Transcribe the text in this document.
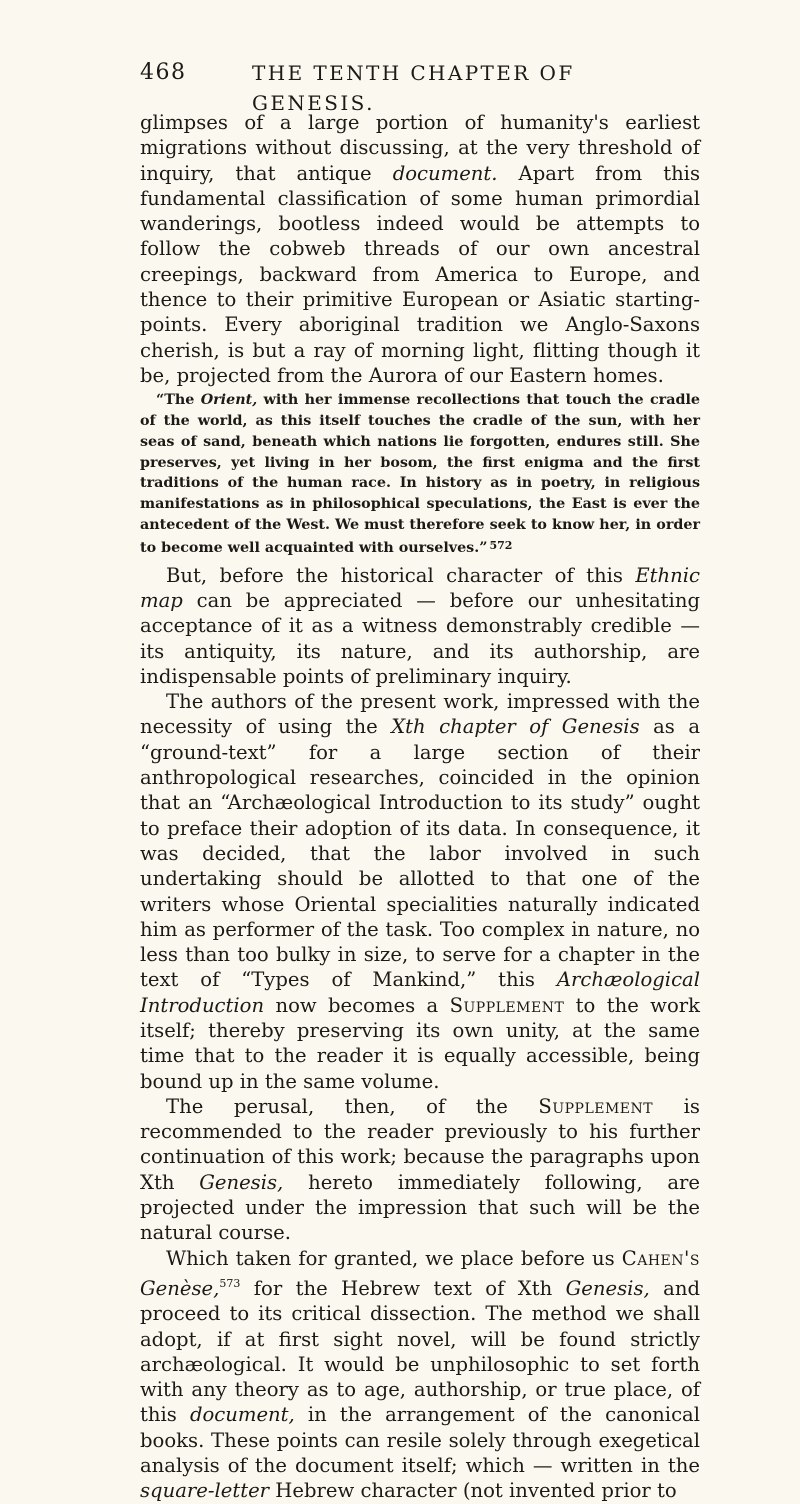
468	THE TENTH CHAPTER OF GENESIS.

glimpses of a large portion of humanity's earliest migrations without discussing, at the very threshold of inquiry, that antique document. Apart from this fundamental classification of some human primordial wanderings, bootless indeed would be attempts to follow the cobweb threads of our own ancestral creepings, backward from America to Europe, and thence to their primitive European or Asiatic starting-points. Every aboriginal tradition we Anglo-Saxons cherish, is but a ray of morning light, flitting though it be, projected from the Aurora of our Eastern homes.

“The Orient, with her immense recollections that touch the cradle of the world, as this itself touches the cradle of the sun, with her seas of sand, beneath which nations lie forgotten, endures still. She preserves, yet living in her bosom, the first enigma and the first traditions of the human race. In history as in poetry, in religious manifestations as in philosophical speculations, the East is ever the antecedent of the West. We must therefore seek to know her, in order to become well acquainted with ourselves.” $^{572}$

But, before the historical character of this Ethnic map can be appreciated — before our unhesitating acceptance of it as a witness demonstrably credible — its antiquity, its nature, and its authorship, are indispensable points of preliminary inquiry.

The authors of the present work, impressed with the necessity of using the Xth chapter of Genesis as a “ground-text” for a large section of their anthropological researches, coincided in the opinion that an “Archæological Introduction to its study” ought to preface their adoption of its data. In consequence, it was decided, that the labor involved in such undertaking should be allotted to that one of the writers whose Oriental specialities naturally indicated him as performer of the task. Too complex in nature, no less than too bulky in size, to serve for a chapter in the text of “Types of Mankind,” this Archæological Introduction now becomes a Supplement to the work itself; thereby preserving its own unity, at the same time that to the reader it is equally accessible, being bound up in the same volume.

The perusal, then, of the Supplement is recommended to the reader previously to his further continuation of this work; because the paragraphs upon Xth Genesis, hereto immediately following, are projected under the impression that such will be the natural course.

Which taken for granted, we place before us Cahen's Genèse,$^{573}$ for the Hebrew text of Xth Genesis, and proceed to its critical dissection. The method we shall adopt, if at first sight novel, will be found strictly archæological. It would be unphilosophic to set forth with any theory as to age, authorship, or true place, of this document, in the arrangement of the canonical books. These points can resile solely through exegetical analysis of the document itself; which — written in the square-letter Hebrew character (not invented prior to
